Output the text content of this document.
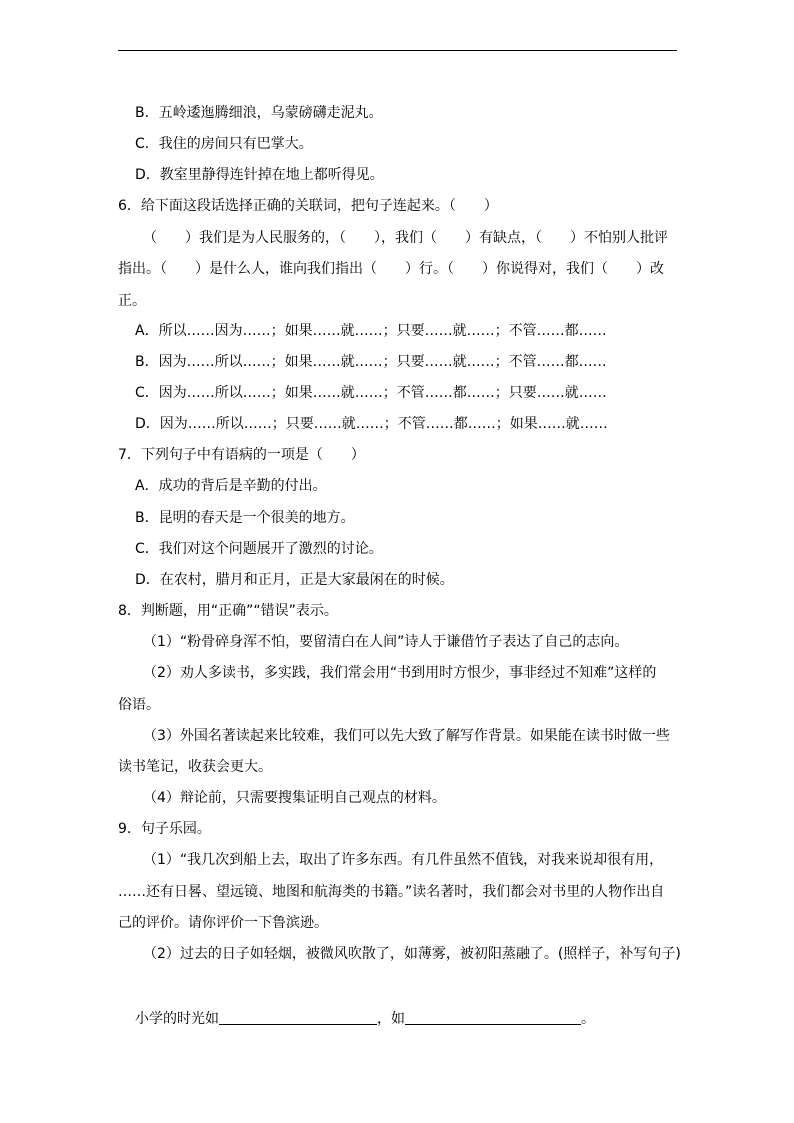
B．五岭逶迤腾细浪，乌蒙磅礴走泥丸。
C．我住的房间只有巴掌大。
D．教室里静得连针掉在地上都听得见。
6．给下面这段话选择正确的关联词，把句子连起来。（　　）
（　　）我们是为人民服务的，（　　），我们（　　）有缺点，（　　）不怕别人批评
指出。（　　）是什么人，谁向我们指出（　　）行。（　　）你说得对，我们（　　）改
正。
A．所以……因为……；如果……就……；只要……就……；不管……都……
B．因为……所以……；如果……就……；只要……就……；不管……都……
C．因为……所以……；如果……就……；不管……都……；只要……就……
D．因为……所以……；只要……就……；不管……都……；如果……就……
7．下列句子中有语病的一项是（　　）
A．成功的背后是辛勤的付出。
B．昆明的春天是一个很美的地方。
C．我们对这个问题展开了激烈的讨论。
D．在农村，腊月和正月，正是大家最闲在的时候。
8．判断题，用“正确”“错误”表示。
（1）“粉骨碎身浑不怕，要留清白在人间”诗人于谦借竹子表达了自己的志向。
（2）劝人多读书，多实践，我们常会用“书到用时方恨少，事非经过不知难”这样的
俗语。
（3）外国名著读起来比较难，我们可以先大致了解写作背景。如果能在读书时做一些
读书笔记，收获会更大。
（4）辩论前，只需要搜集证明自己观点的材料。
9．句子乐园。
（1）“我几次到船上去，取出了许多东西。有几件虽然不值钱，对我来说却很有用，
……还有日晷、望远镜、地图和航海类的书籍。”读名著时，我们都会对书里的人物作出自
己的评价。请你评价一下鲁滨逊。
（2）过去的日子如轻烟，被微风吹散了，如薄雾，被初阳蒸融了。(照样子，补写句子)
小学的时光如	，如	。
